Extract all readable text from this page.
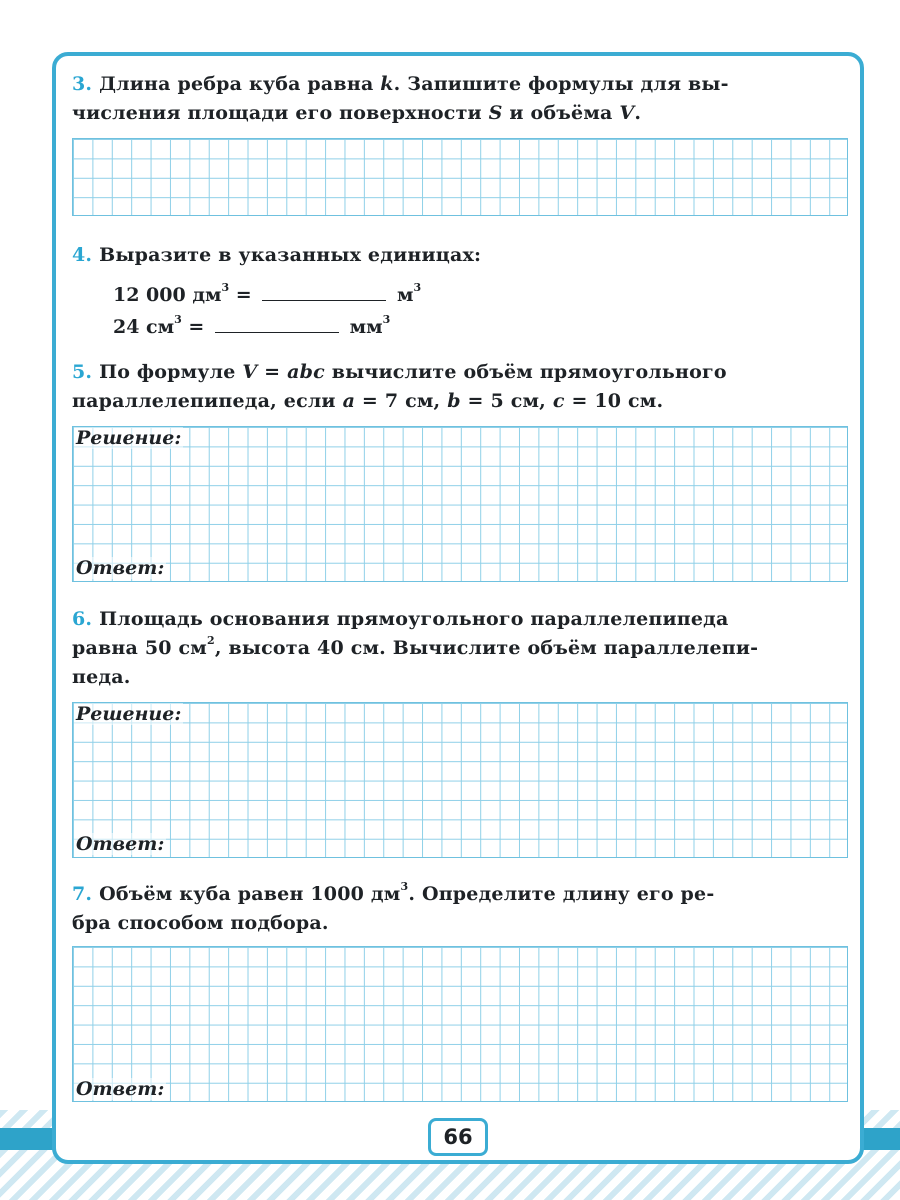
3. Длина ребра куба равна k. Запишите формулы для вы-
числения площади его поверхности S и объёма V.

4. Выразите в указанных единицах:

12 000 $дм^3$ =	$м^3$
24 $см^3$ =	$мм^3$

5. По формуле V = abc вычислите объём прямоугольного
параллелепипеда, если a = 7 см, b = 5 см, c = 10 см.

Решение:
Ответ:

6. Площадь основания прямоугольного параллелепипеда
равна 50 $см^2$, высота 40 см. Вычислите объём параллелепи-
педа.

Решение:
Ответ:

7. Объём куба равен 1000 $дм^3$. Определите длину его ре-
бра способом подбора.

Ответ:
66
